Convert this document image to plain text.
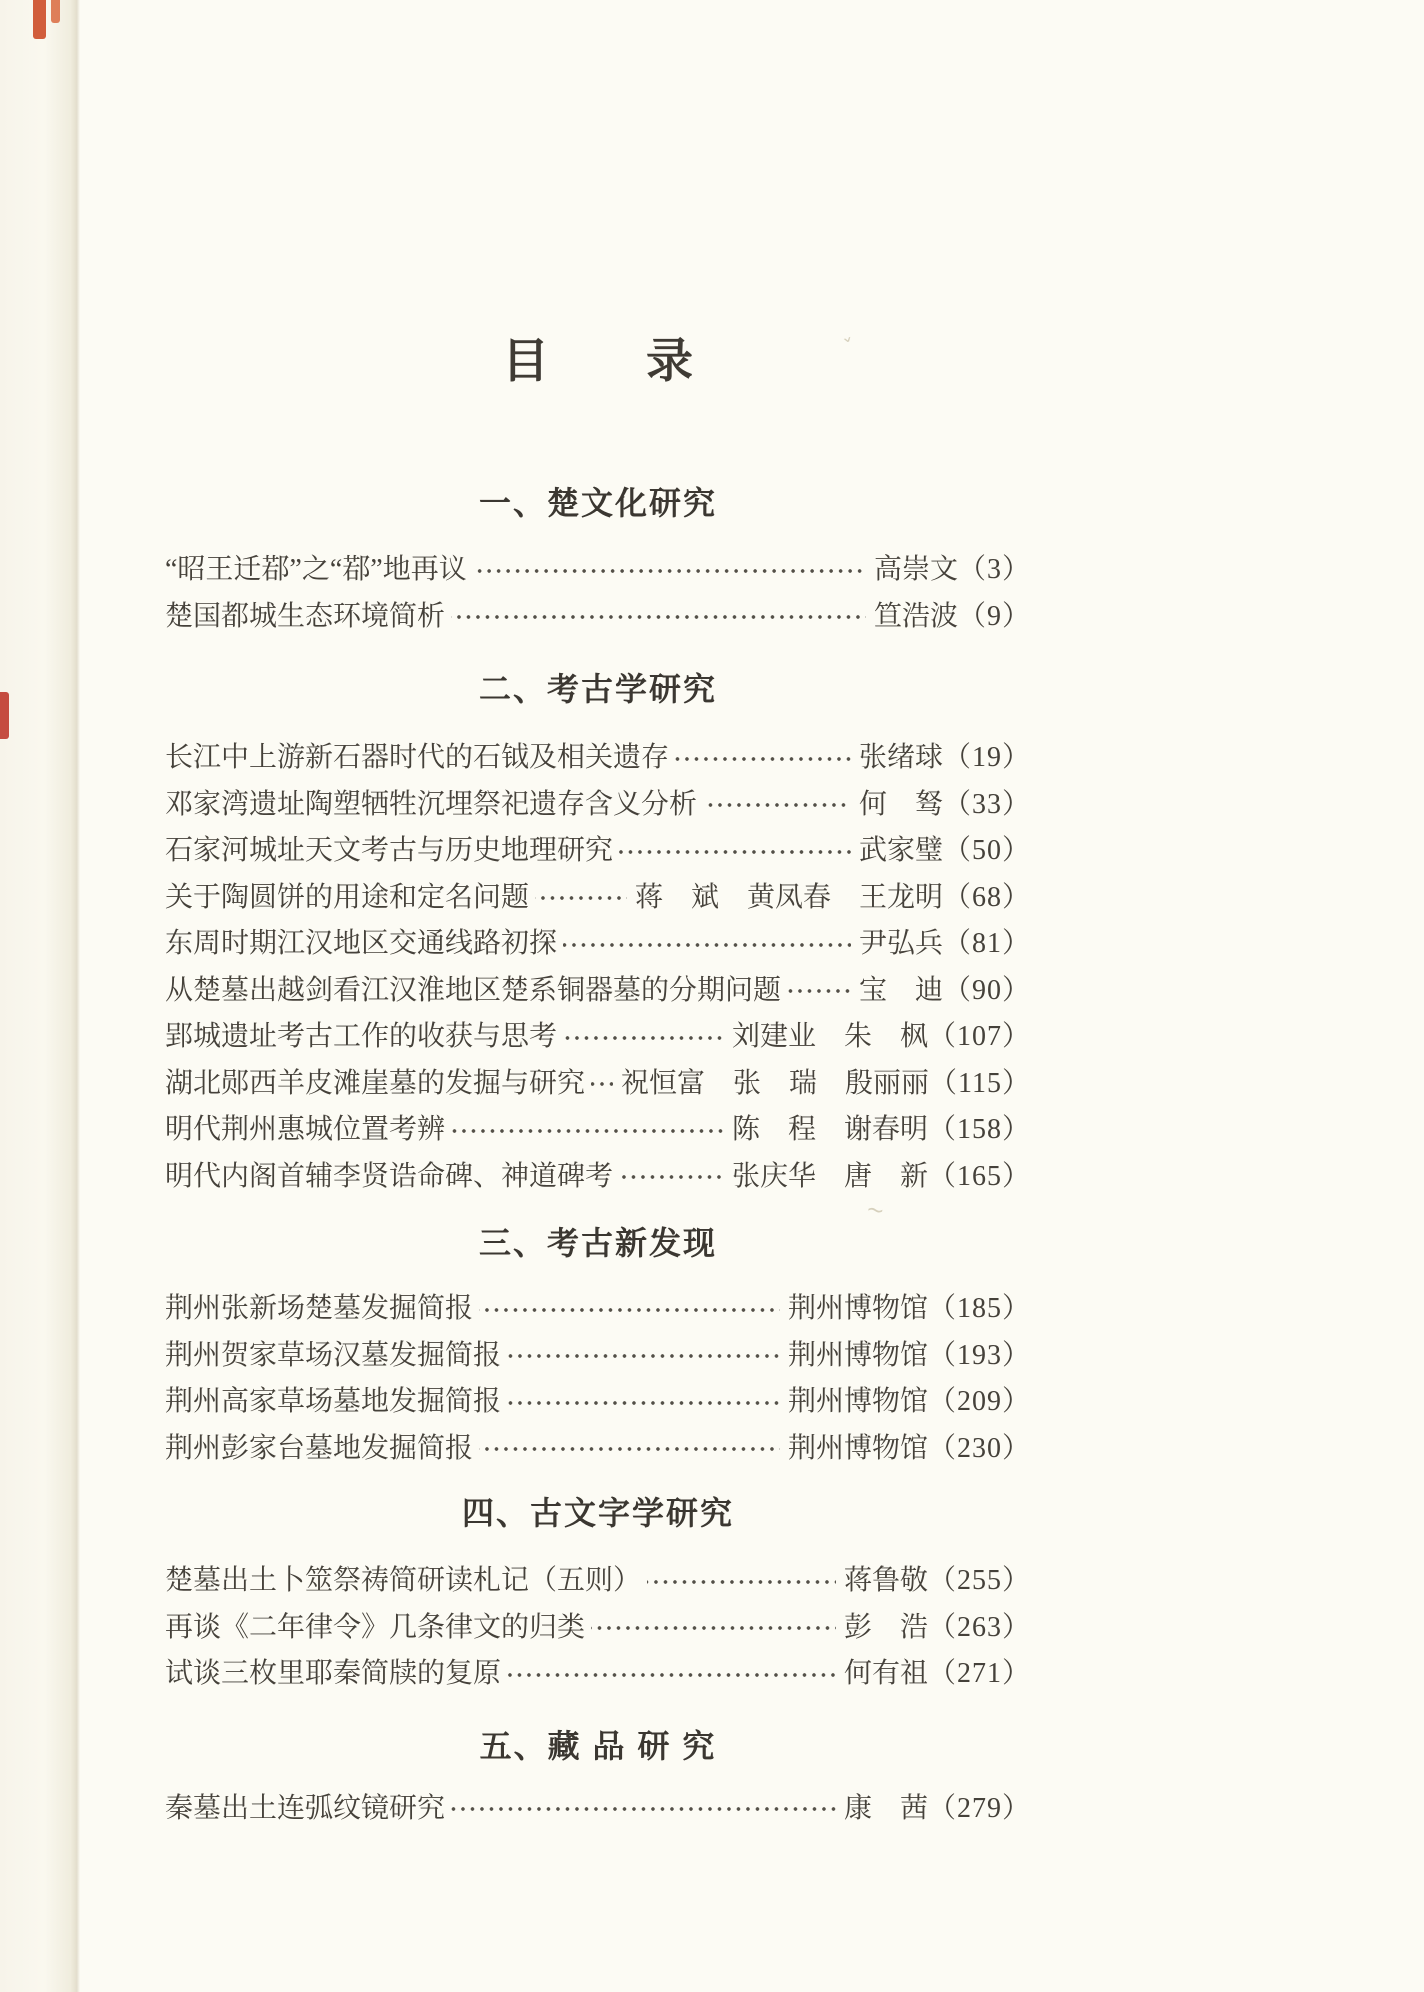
ˇ
~
目　　录
一、楚文化研究
“昭王迁鄀”之“鄀”地再议	高崇文 （3）
楚国都城生态环境简析	笪浩波 （9）
二、考古学研究
长江中上游新石器时代的石钺及相关遗存	张绪球 （19）
邓家湾遗址陶塑牺牲沉埋祭祀遗存含义分析	何　驽 （33）
石家河城址天文考古与历史地理研究	武家璧 （50）
关于陶圆饼的用途和定名问题	蒋　斌　黄凤春　王龙明 （68）
东周时期江汉地区交通线路初探	尹弘兵 （81）
从楚墓出越剑看江汉淮地区楚系铜器墓的分期问题	宝　迪 （90）
郢城遗址考古工作的收获与思考	刘建业　朱　枫 （107）
湖北郧西羊皮滩崖墓的发掘与研究 祝恒富　张　瑞　殷丽丽 （115）
明代荆州惠城位置考辨	陈　程　谢春明 （158）
明代内阁首辅李贤诰命碑、神道碑考	张庆华　唐　新 （165）
三、考古新发现
荆州张新场楚墓发掘简报	荆州博物馆 （185）
荆州贺家草场汉墓发掘简报	荆州博物馆 （193）
荆州高家草场墓地发掘简报	荆州博物馆 （209）
荆州彭家台墓地发掘简报	荆州博物馆 （230）
四、古文字学研究
楚墓出土卜筮祭祷简研读札记（五则）	蒋鲁敬 （255）
再谈《二年律令》几条律文的归类	彭　浩 （263）
试谈三枚里耶秦简牍的复原	何有祖 （271）
五、藏 品 研 究
秦墓出土连弧纹镜研究	康　茜 （279）
